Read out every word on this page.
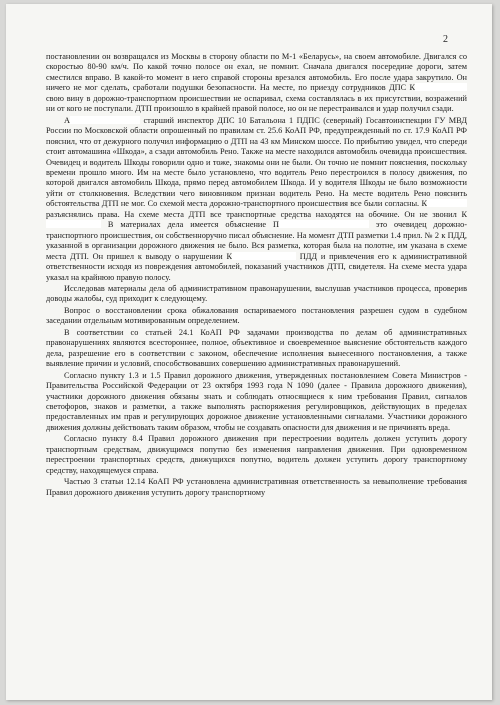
2

постановлении он возвращался из Москвы в сторону области по М-1 «Беларусь», на своем автомобиле. Двигался со скоростью 80-90 км/ч. По какой точно полосе он ехал, не помнит. Сначала двигался посередине дороги, затем сместился вправо. В какой-то момент в него справой стороны врезался автомобиль. Его после удара закрутило. Он ничего не мог сделать, сработали подушки безопасности. На месте, по приезду сотрудников ДПС К свою вину в дорожно-транспортном происшествии не оспаривал, схема составлялась в их присутствии, возражений ни от кого не поступали. ДТП произошло в крайней правой полосе, но он не перестраивался и удар получил сзади.

А	старший инспектор ДПС 10 Батальона 1 ПДПС (северный) Госавтоинспекции ГУ МВД России по Московской области опрошенный по правилам ст. 25.6 КоАП РФ, предупрежденный по ст. 17.9 КоАП РФ пояснил, что от дежурного получил информацию о ДТП на 43 км Минском шоссе. По прибытию увидел, что спереди стоит автомашина «Шкода», а сзади автомобиль Рено. Также на месте находился автомобиль очевидца происшествия. Очевидец и водитель Шкоды говорили одно и тоже, знакомы они не были. Он точно не помнит пояснения, поскольку времени прошло много. Им на месте было установлено, что водитель Рено перестроился в полосу движения, по которой двигался автомобиль Шкода, прямо перед автомобилем Шкода. И у водителя Шкоды не было возможности уйти от столкновения. Вследствии чего виновником признан водитель Рено. На месте водитель Рено пояснить обстоятельства ДТП не мог. Со схемой места дорожно-транспортного происшествия все были согласны. К разъяснялись права. На схеме места ДТП все транспортные средства находятся на обочине. Он не звонил К В материалах дела имеется объяснение П	это очевидец дорожно-транспортного происшествия, он собственноручно писал объяснение. На момент ДТП разметки 1.4 прил. № 2 к ПДД, указанной в организации дорожного движения не было. Вся разметка, которая была на полотне, им указана в схеме места ДТП. Он пришел к выводу о нарушении К	ПДД и привлечения его к административной ответственности исходя из повреждения автомобилей, показаний участников ДТП, свидетеля. На схеме места удара указал на крайнюю правую полосу.

Исследовав материалы дела об административном правонарушении, выслушав участников процесса, проверив доводы жалобы, суд приходит к следующему.

Вопрос о восстановлении срока обжалования оспариваемого постановления разрешен судом в судебном заседании отдельным мотивированным определением.

В соответствии со статьей 24.1 КоАП РФ задачами производства по делам об административных правонарушениях являются всестороннее, полное, объективное и своевременное выяснение обстоятельств каждого дела, разрешение его в соответствии с законом, обеспечение исполнения вынесенного постановления, а также выявление причин и условий, способствовавших совершению административных правонарушений.

Согласно пункту 1.3 и 1.5 Правил дорожного движения, утвержденных постановлением Совета Министров - Правительства Российской Федерации от 23 октября 1993 года N 1090 (далее - Правила дорожного движения), участники дорожного движения обязаны знать и соблюдать относящиеся к ним требования Правил, сигналов светофоров, знаков и разметки, а также выполнять распоряжения регулировщиков, действующих в пределах предоставленных им прав и регулирующих дорожное движение установленными сигналами. Участники дорожного движения должны действовать таким образом, чтобы не создавать опасности для движения и не причинять вреда.

Согласно пункту 8.4 Правил дорожного движения при перестроении водитель должен уступить дорогу транспортным средствам, движущимся попутно без изменения направления движения. При одновременном перестроении транспортных средств, движущихся попутно, водитель должен уступить дорогу транспортному средству, находящемуся справа.

Частью 3 статьи 12.14 КоАП РФ установлена административная ответственность за невыполнение требования Правил дорожного движения уступить дорогу транспортному
